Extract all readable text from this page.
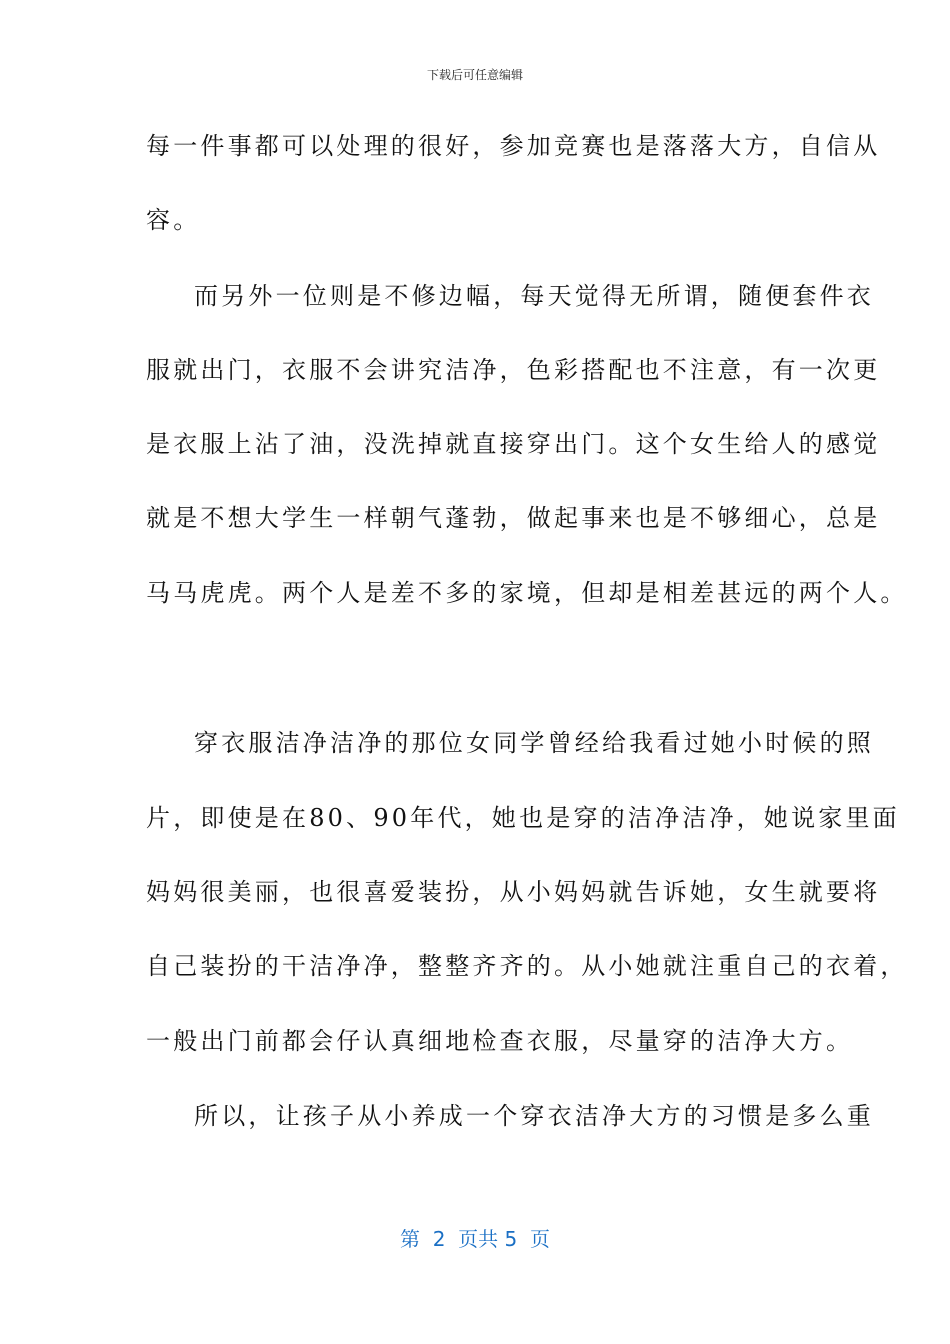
下载后可任意编辑
每一件事都可以处理的很好，参加竞赛也是落落大方，自信从
容。
而另外一位则是不修边幅，每天觉得无所谓，随便套件衣
服就出门，衣服不会讲究洁净，色彩搭配也不注意，有一次更
是衣服上沾了油，没洗掉就直接穿出门。这个女生给人的感觉
就是不想大学生一样朝气蓬勃，做起事来也是不够细心，总是
马马虎虎。两个人是差不多的家境，但却是相差甚远的两个人。
穿衣服洁净洁净的那位女同学曾经给我看过她小时候的照
片，即使是在80、90年代，她也是穿的洁净洁净，她说家里面
妈妈很美丽，也很喜爱装扮，从小妈妈就告诉她，女生就要将
自己装扮的干洁净净，整整齐齐的。从小她就注重自己的衣着，
一般出门前都会仔认真细地检查衣服，尽量穿的洁净大方。
所以，让孩子从小养成一个穿衣洁净大方的习惯是多么重
第  2  页共 5  页
